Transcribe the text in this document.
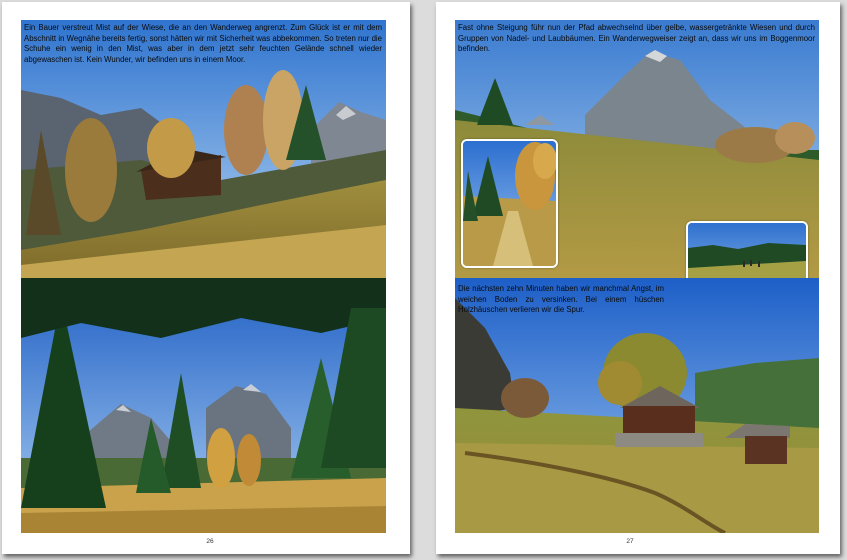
Ein Bauer verstreut Mist auf der Wiese, die an den Wanderweg angrenzt. Zum Glück ist er mit dem Abschnitt in Wegnähe bereits fertig, sonst hätten wir mit Sicherheit was abbekommen. So treten nur die Schuhe ein wenig in den Mist, was aber in dem jetzt sehr feuchten Gelände schnell wieder abgewaschen ist. Kein Wunder, wir befinden uns in einem Moor.

26

Fast ohne Steigung führ nun der Pfad abwechselnd über gelbe, wassergetränkte Wiesen und durch Gruppen von Nadel- und Laubbäumen. Ein Wanderwegweiser zeigt an, dass wir uns im Boggenmoor befinden.

Die nächsten zehn Minuten haben wir manchmal Angst, im weichen Boden zu versinken. Bei einem hüschen Holzhäuschen verlieren wir die Spur.

27
